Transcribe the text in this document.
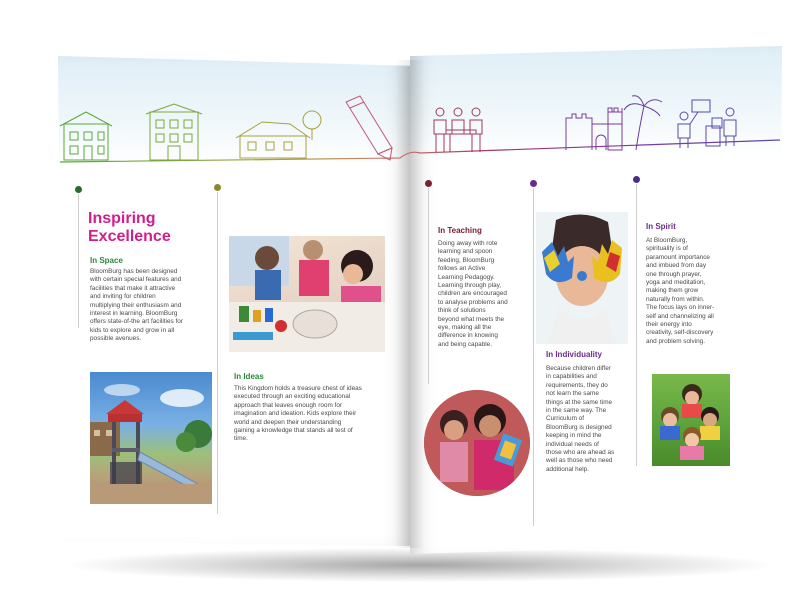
Inspiring
Excellence
In Space
BloomBurg has been designed
with certain special features and
facilities that make it attractive
and inviting for children
multiplying their enthusiasm and
interest in learning. BloomBurg
offers state-of-the art facilities for
kids to explore and grow in all
possible avenues.
In Ideas
This Kingdom holds a treasure chest of ideas
executed through an exciting educational
approach that leaves enough room for
imagination and ideation. Kids explore their
world and deepen their understanding
gaining a knowledge that stands all test of
time.
In Teaching
Doing away with rote
learning and spoon
feeding, BloomBurg
follows an Active
Learning Pedagogy.
Learning through play,
children are encouraged
to analyse problems and
think of solutions
beyond what meets the
eye, making all the
difference in knowing
and being capable.
In Individuality
Because children differ
in capabilities and
requirements, they do
not learn the same
things at the same time
in the same way. The
Curriculum of
BloomBurg is designed
keeping in mind the
individual needs of
those who are ahead as
well as those who need
additional help.
In Spirit
At BloomBurg,
spirituality is of
paramount importance
and imbued from day
one through prayer,
yoga and meditation,
making them grow
naturally from within.
The focus lays on inner-
self and channelizing all
their energy into
creativity, self-discovery
and problem solving.
